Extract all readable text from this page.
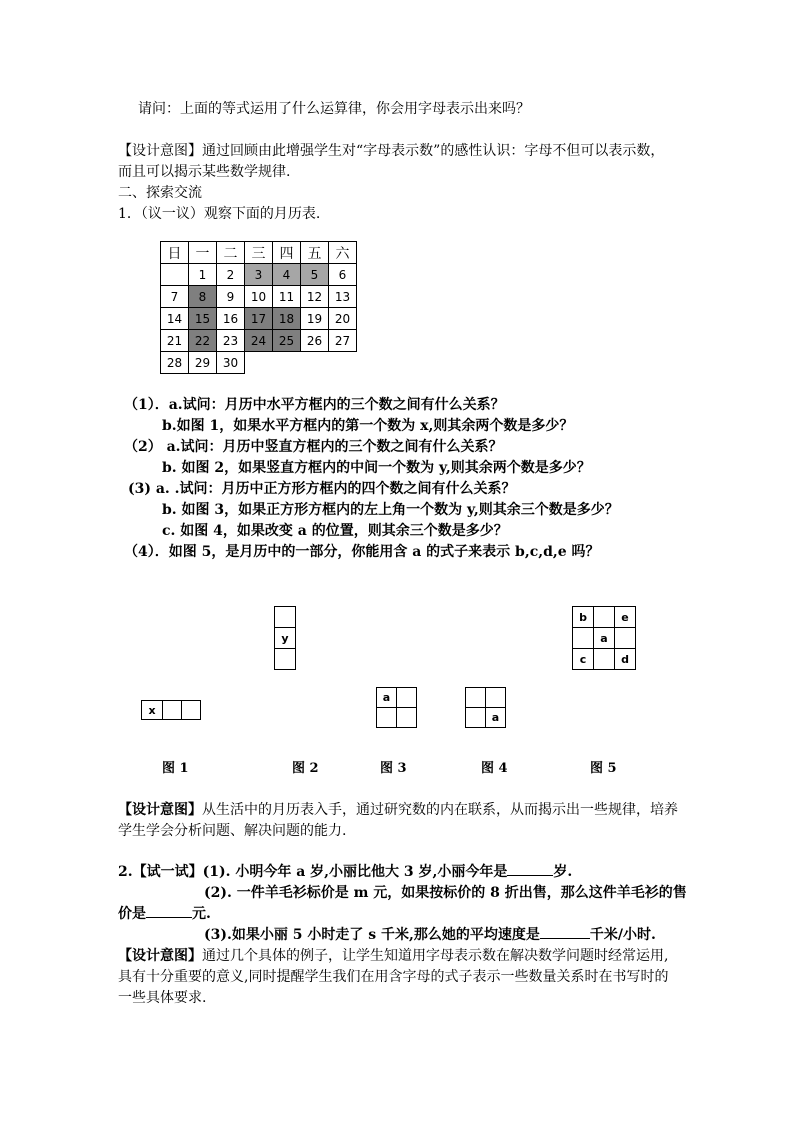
请问：上面的等式运用了什么运算律，你会用字母表示出来吗？
【设计意图】通过回顾由此增强学生对“字母表示数”的感性认识：字母不但可以表示数，
而且可以揭示某些数学规律.
二、探索交流
1．（议一议）观察下面的月历表.
日	一	二	三	四	五	六
	1	2	3	4	5	6
7	8	9	10	11	12	13
14	15	16	17	18	19	20
21	22	23	24	25	26	27
28	29	30				
（1）．a.试问：月历中水平方框内的三个数之间有什么关系？
b.如图 1，如果水平方框内的第一个数为 x,则其余两个数是多少？
（2） a.试问：月历中竖直方框内的三个数之间有什么关系？
b. 如图 2，如果竖直方框内的中间一个数为 y,则其余两个数是多少？
(3) a. .试问：月历中正方形方框内的四个数之间有什么关系？
b. 如图 3，如果正方形方框内的左上角一个数为 y,则其余三个数是多少？
c. 如图 4，如果改变 a 的位置，则其余三个数是多少？
（4）．如图 5，是月历中的一部分，你能用含 a 的式子来表示 b,c,d,e 吗？
x		

y

a	

	a
b		e
	a	
c		d
图 1	图 2	图 3	图 4	图 5
【设计意图】从生活中的月历表入手，通过研究数的内在联系，从而揭示出一些规律，培养
学生学会分析问题、解决问题的能力.
2.【试一试】(1). 小明今年 a 岁,小丽比他大 3 岁,小丽今年是	岁.
(2). 一件羊毛衫标价是 m 元，如果按标价的 8 折出售，那么这件羊毛衫的售
价是	元.
(3).如果小丽 5 小时走了 s 千米,那么她的平均速度是	千米/小时.
【设计意图】通过几个具体的例子，让学生知道用字母表示数在解决数学问题时经常运用,
具有十分重要的意义,同时提醒学生我们在用含字母的式子表示一些数量关系时在书写时的
一些具体要求.
